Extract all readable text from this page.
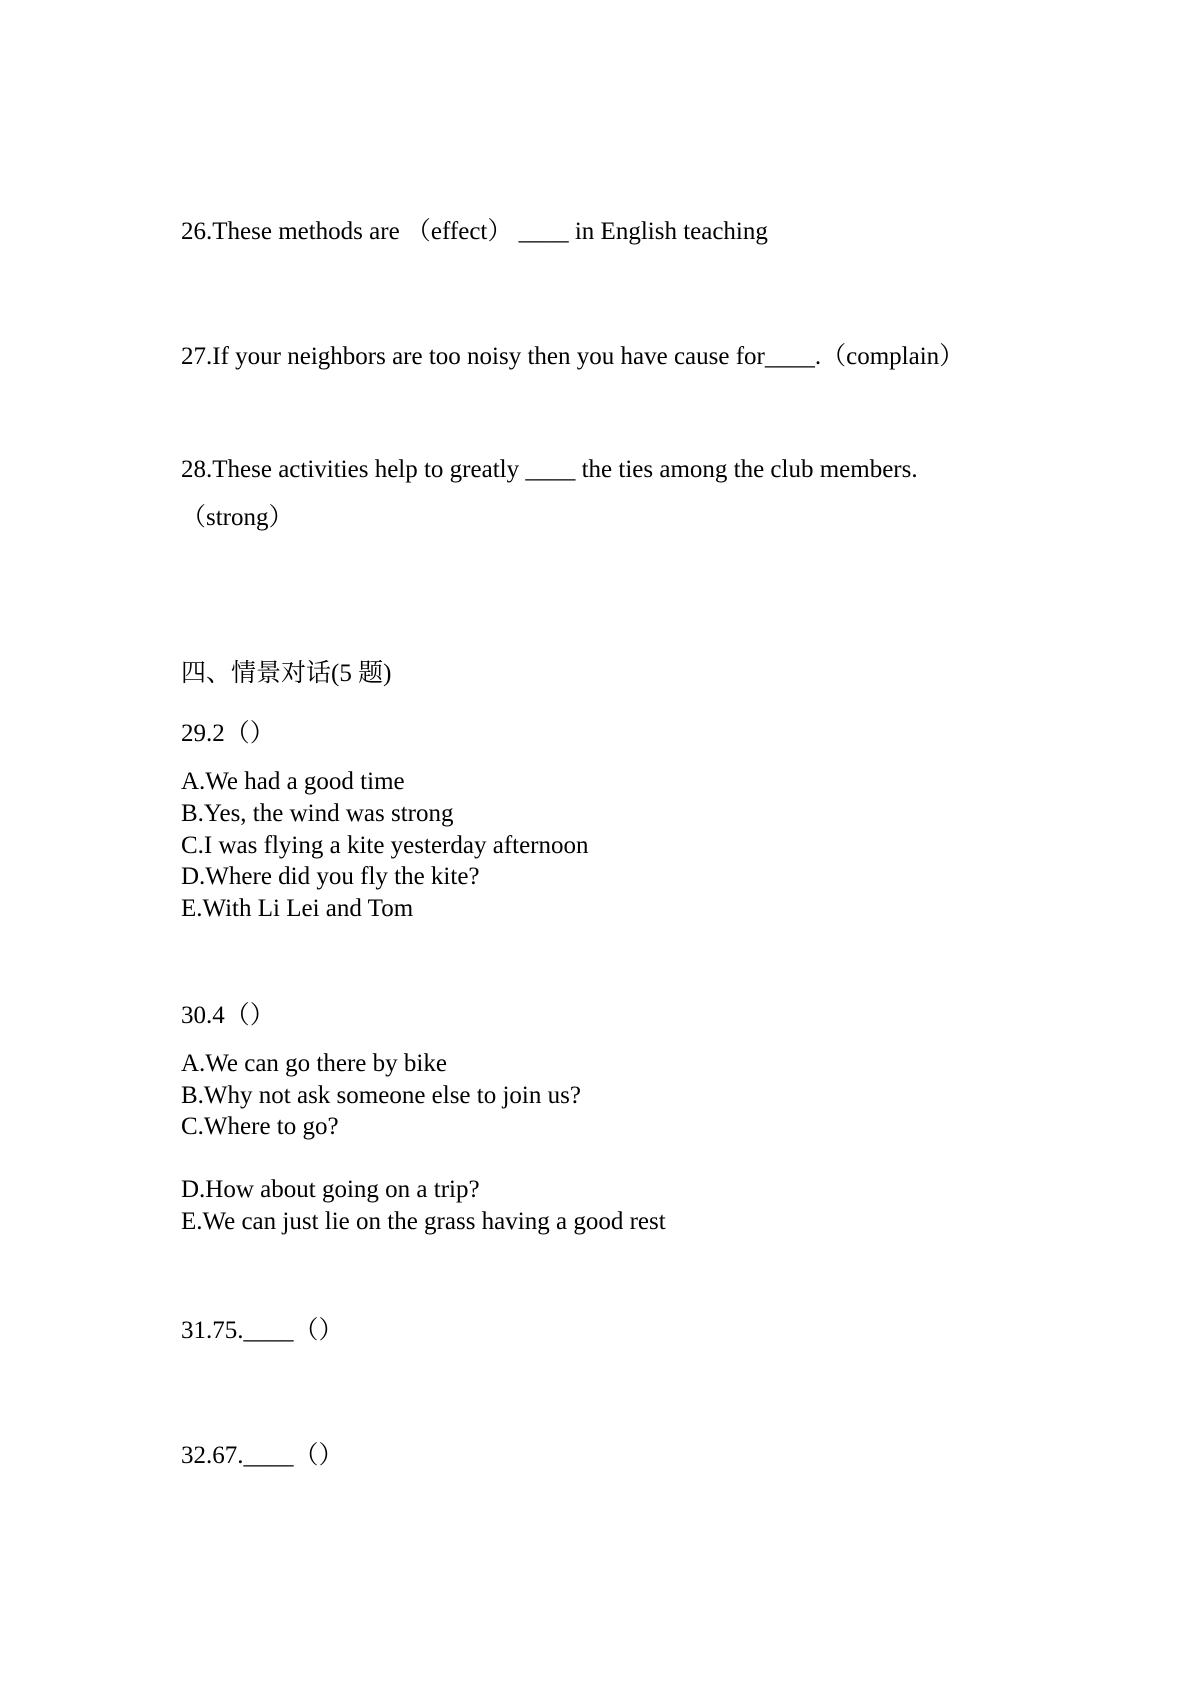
26.These methods are （effect） ____ in English teaching
27.If your neighbors are too noisy then you have cause for____.（complain）
28.These activities help to greatly ____ the ties among the club members.
（strong）
四、情景对话(5 题)
29.2（）
A.We had a good time
B.Yes, the wind was strong
C.I was flying a kite yesterday afternoon
D.Where did you fly the kite?
E.With Li Lei and Tom
30.4（）
A.We can go there by bike
B.Why not ask someone else to join us?
C.Where to go?
D.How about going on a trip?
E.We can just lie on the grass having a good rest
31.75.____（）
32.67.____（）
